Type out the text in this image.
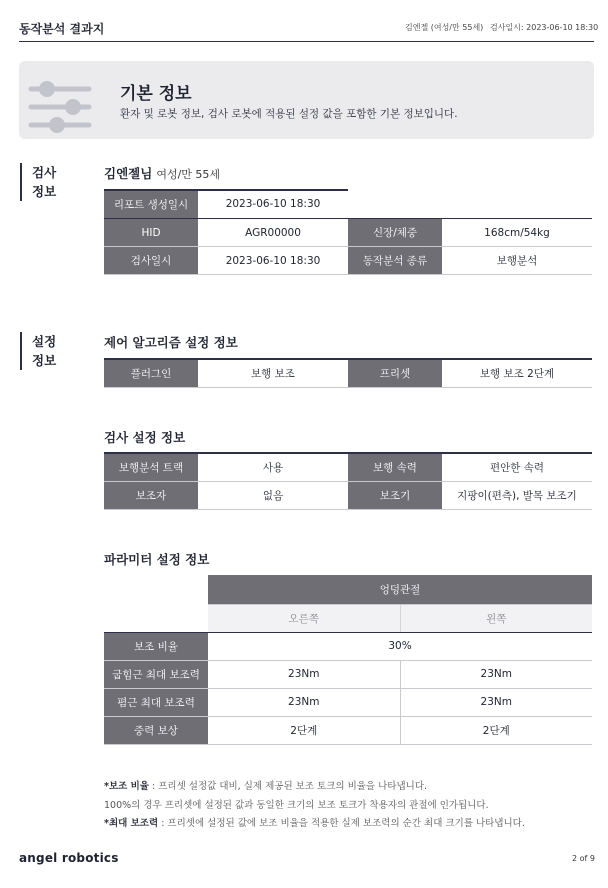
동작분석 결과지	김엔젤 (여성/만 55세) 검사일시: 2023-06-10 18:30
기본 정보
환자 및 로봇 정보, 검사 로봇에 적용된 설정 값을 포함한 기본 정보입니다.
검사
정보
김엔젤님 여성/만 55세
리포트 생성일시	2023-06-10 18:30
HID	AGR00000	신장/체중	168cm/54kg
검사일시	2023-06-10 18:30	동작분석 종류	보행분석
설정
정보
제어 알고리즘 설정 정보
플러그인	보행 보조	프리셋	보행 보조 2단계
검사 설정 정보
보행분석 트랙	사용	보행 속력	편안한 속력
보조자	없음	보조기	지팡이(편측), 발목 보조기
파라미터 설정 정보
	엉덩관절	
	오른쪽	왼쪽
보조 비율	30%	
굽힘근 최대 보조력	23Nm	23Nm
폄근 최대 보조력	23Nm	23Nm
중력 보상	2단계	2단계
*보조 비율 : 프리셋 설정값 대비, 실제 제공된 보조 토크의 비율을 나타냅니다.
100%의 경우 프리셋에 설정된 값과 동일한 크기의 보조 토크가 착용자의 관절에 인가됩니다.
*최대 보조력 : 프리셋에 설정된 값에 보조 비율을 적용한 실제 보조력의 순간 최대 크기를 나타냅니다.
angel robotics	2 of 9
